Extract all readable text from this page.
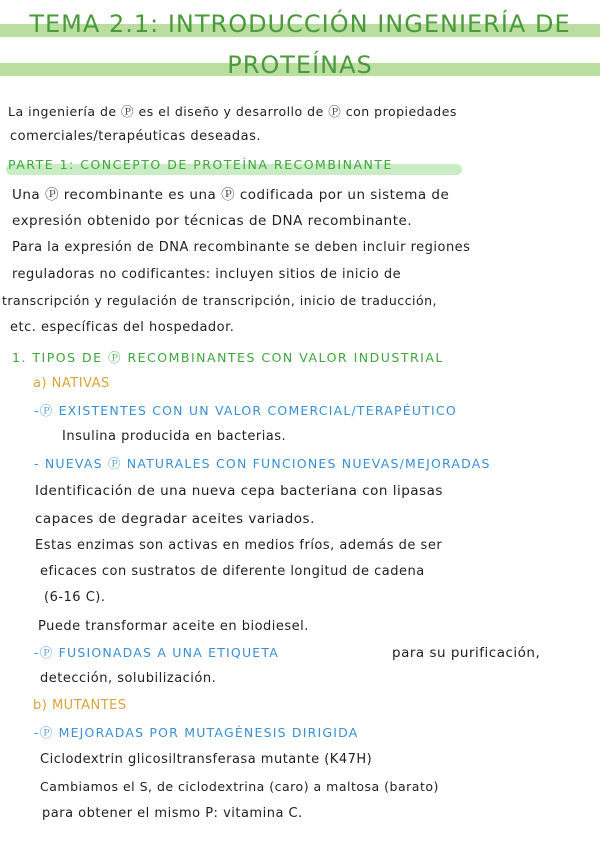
TEMA 2.1: INTRODUCCIÓN INGENIERÍA DE
PROTEÍNAS
La ingeniería de Ⓟ es el diseño y desarrollo de Ⓟ con propiedades
comerciales/terapéuticas deseadas.
PARTE 1: CONCEPTO DE PROTEÍNA RECOMBINANTE
Una Ⓟ recombinante es una Ⓟ codificada por un sistema de
expresión obtenido por técnicas de DNA recombinante.
Para la expresión de DNA recombinante se deben incluir regiones
reguladoras no codificantes: incluyen sitios de inicio de
transcripción y regulación de transcripción, inicio de traducción,
etc. específicas del hospedador.
1. TIPOS DE Ⓟ RECOMBINANTES CON VALOR INDUSTRIAL
a) NATIVAS
-Ⓟ EXISTENTES CON UN VALOR COMERCIAL/TERAPÉUTICO
Insulina producida en bacterias.
- NUEVAS Ⓟ NATURALES CON FUNCIONES NUEVAS/MEJORADAS
Identificación de una nueva cepa bacteriana con lipasas
capaces de degradar aceites variados.
Estas enzimas son activas en medios fríos, además de ser
eficaces con sustratos de diferente longitud de cadena
(6-16 C).
Puede transformar aceite en biodiesel.
-Ⓟ FUSIONADAS A UNA ETIQUETA	para su purificación,
detección, solubilización.
b) MUTANTES
-Ⓟ MEJORADAS POR MUTAGÉNESIS DIRIGIDA
Ciclodextrin glicosiltransferasa mutante (K47H)
Cambiamos el S, de ciclodextrina (caro) a maltosa (barato)
para obtener el mismo P: vitamina C.
